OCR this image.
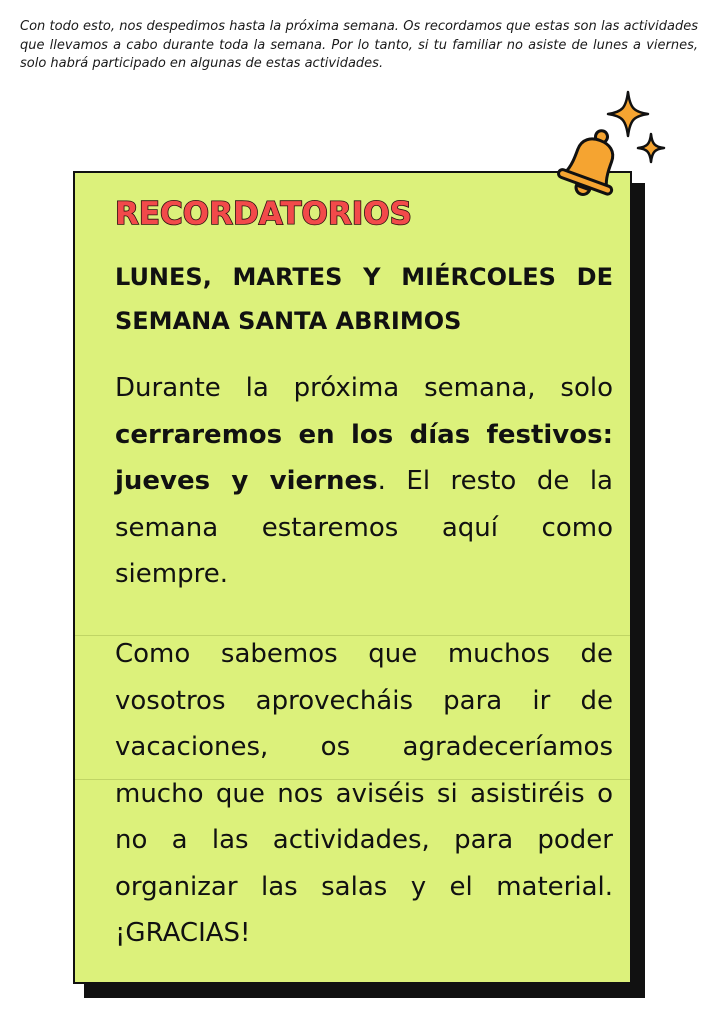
Con todo esto, nos despedimos hasta la próxima semana. Os recordamos que estas son las actividades que llevamos a cabo durante toda la semana. Por lo tanto, si tu familiar no asiste de lunes a viernes, solo habrá participado en algunas de estas actividades.

RECORDATORIOS
LUNES, MARTES Y MIÉRCOLES DE SEMANA SANTA ABRIMOS

Durante la próxima semana, solo cerraremos en los días festivos: jueves y viernes. El resto de la semana estaremos aquí como siempre.

Como sabemos que muchos de vosotros aprovecháis para ir de vacaciones, os agradeceríamos mucho que nos aviséis si asistiréis o no a las actividades, para poder organizar las salas y el material. ¡GRACIAS!
